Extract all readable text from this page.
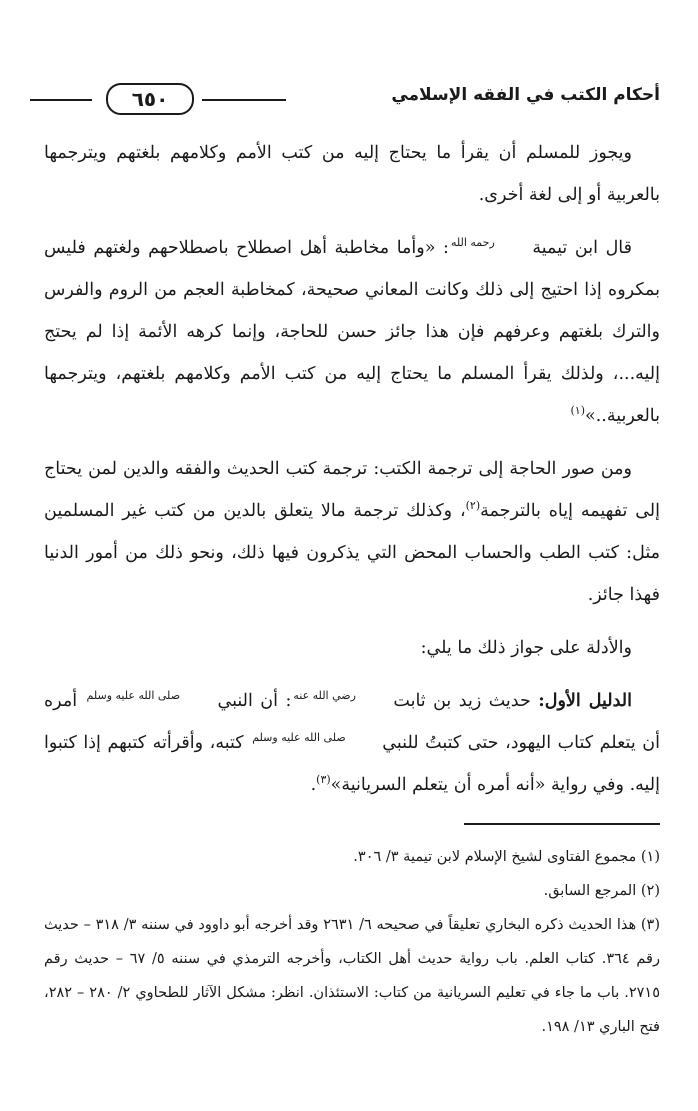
٦٥٠	أحكام الكتب في الفقه الإسلامي

ويجوز للمسلم أن يقرأ ما يحتاج إليه من كتب الأمم وكلامهم بلغتهم ويترجمها بالعربية أو إلى لغة أخرى.

قال ابن تيمية رحمه الله: «وأما مخاطبة أهل اصطلاح باصطلاحهم ولغتهم فليس بمكروه إذا احتيج إلى ذلك وكانت المعاني صحيحة، كمخاطبة العجم من الروم والفرس والترك بلغتهم وعرفهم فإن هذا جائز حسن للحاجة، وإنما كرهه الأئمة إذا لم يحتج إليه...، ولذلك يقرأ المسلم ما يحتاج إليه من كتب الأمم وكلامهم بلغتهم، ويترجمها بالعربية..»$^{(١)}$

ومن صور الحاجة إلى ترجمة الكتب: ترجمة كتب الحديث والفقه والدين لمن يحتاج إلى تفهيمه إياه بالترجمة$^{(٢)}$، وكذلك ترجمة مالا يتعلق بالدين من كتب غير المسلمين مثل: كتب الطب والحساب المحض التي يذكرون فيها ذلك، ونحو ذلك من أمور الدنيا فهذا جائز.

والأدلة على جواز ذلك ما يلي:

الدليل الأول: حديث زيد بن ثابت رضي الله عنه: أن النبي صلى الله عليه وسلم أمره أن يتعلم كتاب اليهود، حتى كتبتُ للنبي صلى الله عليه وسلم كتبه، وأقرأته كتبهم إذا كتبوا إليه. وفي رواية «أنه أمره أن يتعلم السريانية»$^{(٣)}$.

(١) مجموع الفتاوى لشيخ الإسلام لابن تيمية ٣/ ٣٠٦.

(٢) المرجع السابق.

(٣) هذا الحديث ذكره البخاري تعليقاً في صحيحه ٦/ ٢٦٣١ وقد أخرجه أبو داوود في سننه ٣/ ٣١٨ – حديث رقم ٣٦٤. كتاب العلم. باب رواية حديث أهل الكتاب، وأخرجه الترمذي في سننه ٥/ ٦٧ – حديث رقم ٢٧١٥. باب ما جاء في تعليم السريانية من كتاب: الاستئذان. انظر: مشكل الآثار للطحاوي ٢/ ٢٨٠ – ٢٨٢، فتح الباري ١٣/ ١٩٨.
